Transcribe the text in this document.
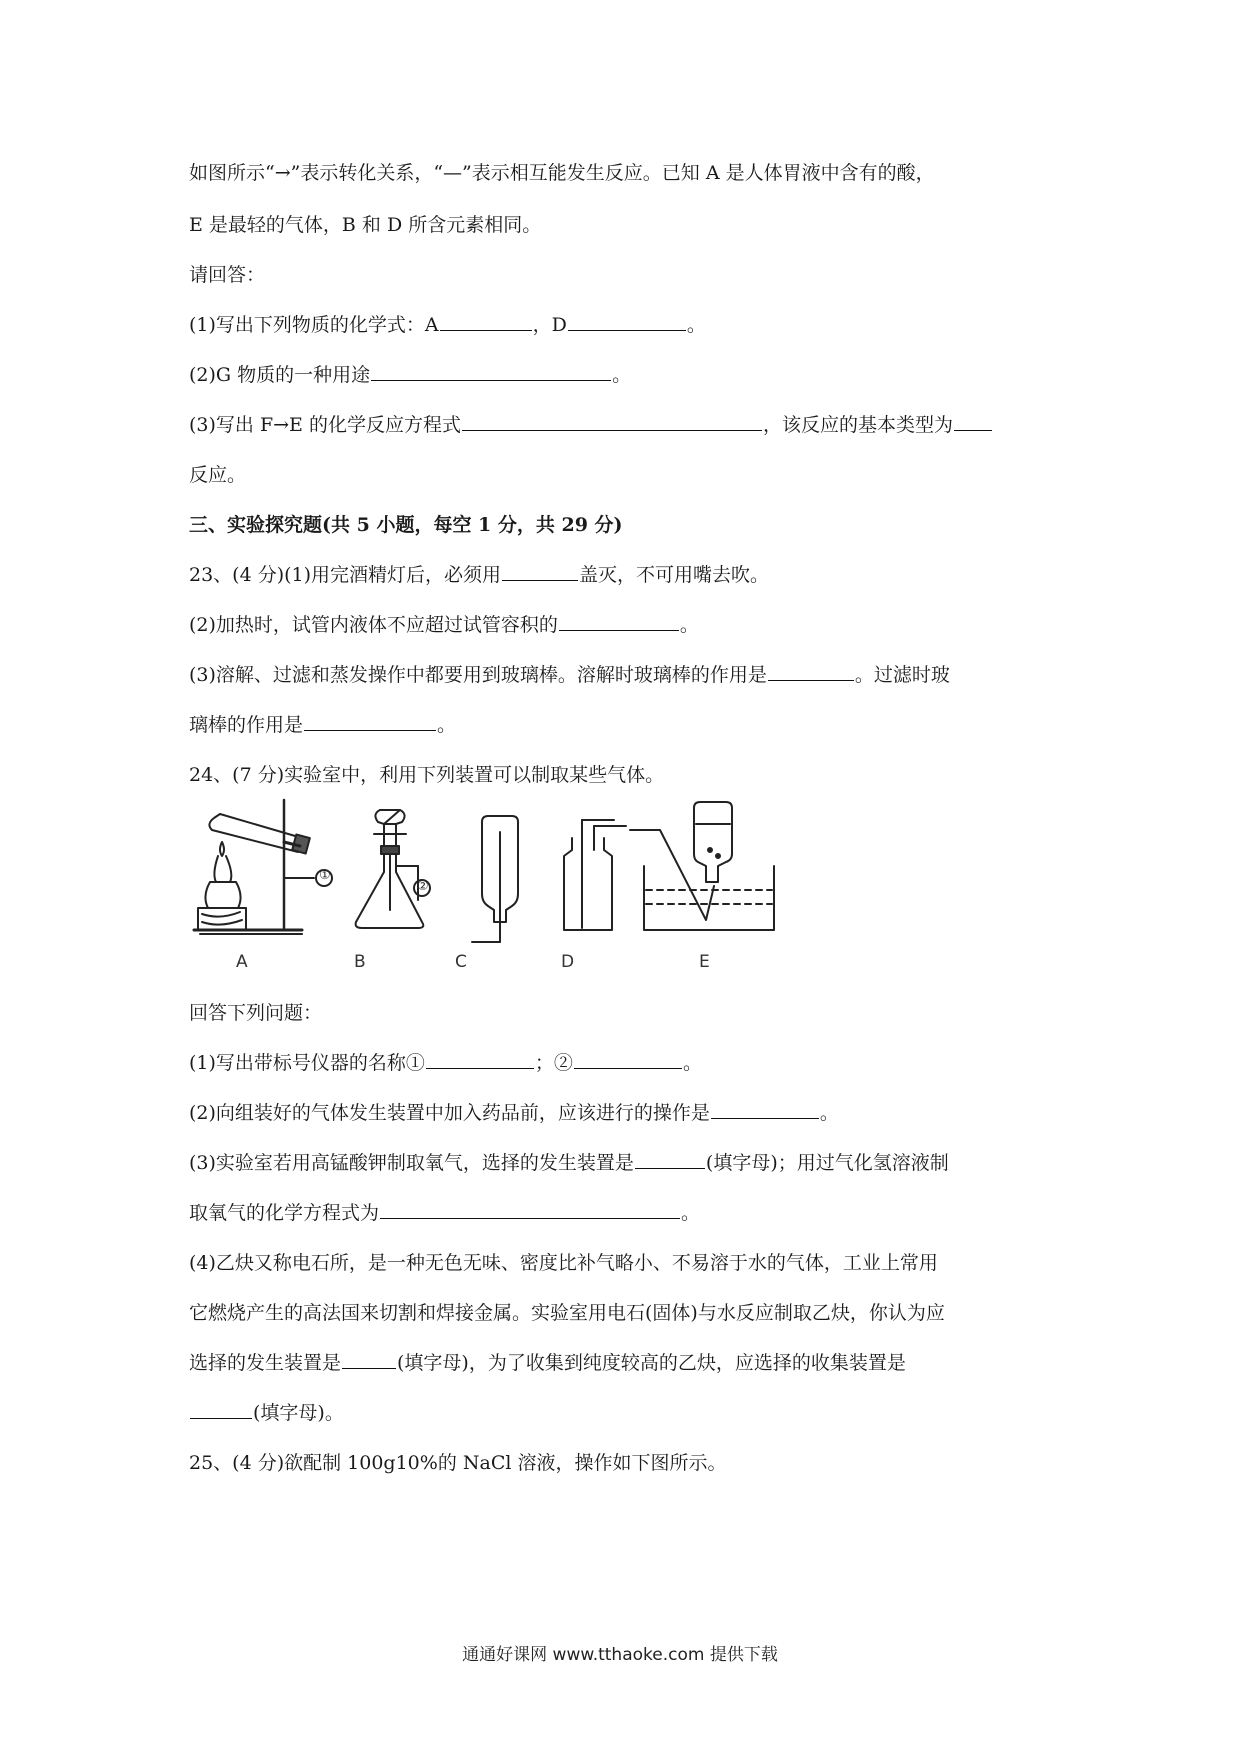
如图所示“→”表示转化关系，“—”表示相互能发生反应。已知 A 是人体胃液中含有的酸，
E 是最轻的气体，B 和 D 所含元素相同。
请回答：
(1)写出下列物质的化学式：A	，D	。
(2)G 物质的一种用途	。
(3)写出 F→E 的化学反应方程式	，该反应的基本类型为
反应。
三、实验探究题(共 5 小题，每空 1 分，共 29 分)
23、(4 分)(1)用完酒精灯后，必须用	盖灭，不可用嘴去吹。
(2)加热时，试管内液体不应超过试管容积的	。
(3)溶解、过滤和蒸发操作中都要用到玻璃棒。溶解时玻璃棒的作用是	。过滤时玻
璃棒的作用是	。
24、(7 分)实验室中，利用下列装置可以制取某些气体。
A	B	C	D	E
①
②
回答下列问题：
(1)写出带标号仪器的名称①	；②	。
(2)向组装好的气体发生装置中加入药品前，应该进行的操作是	。
(3)实验室若用高锰酸钾制取氧气，选择的发生装置是	(填字母)；用过气化氢溶液制
取氧气的化学方程式为	。
(4)乙炔又称电石所，是一种无色无味、密度比补气略小、不易溶于水的气体，工业上常用
它燃烧产生的高法国来切割和焊接金属。实验室用电石(固体)与水反应制取乙炔，你认为应
选择的发生装置是	(填字母)，为了收集到纯度较高的乙炔，应选择的收集装置是
(填字母)。
25、(4 分)欲配制 100g10%的 NaCl 溶液，操作如下图所示。
通通好课网 www.tthaoke.com 提供下载
